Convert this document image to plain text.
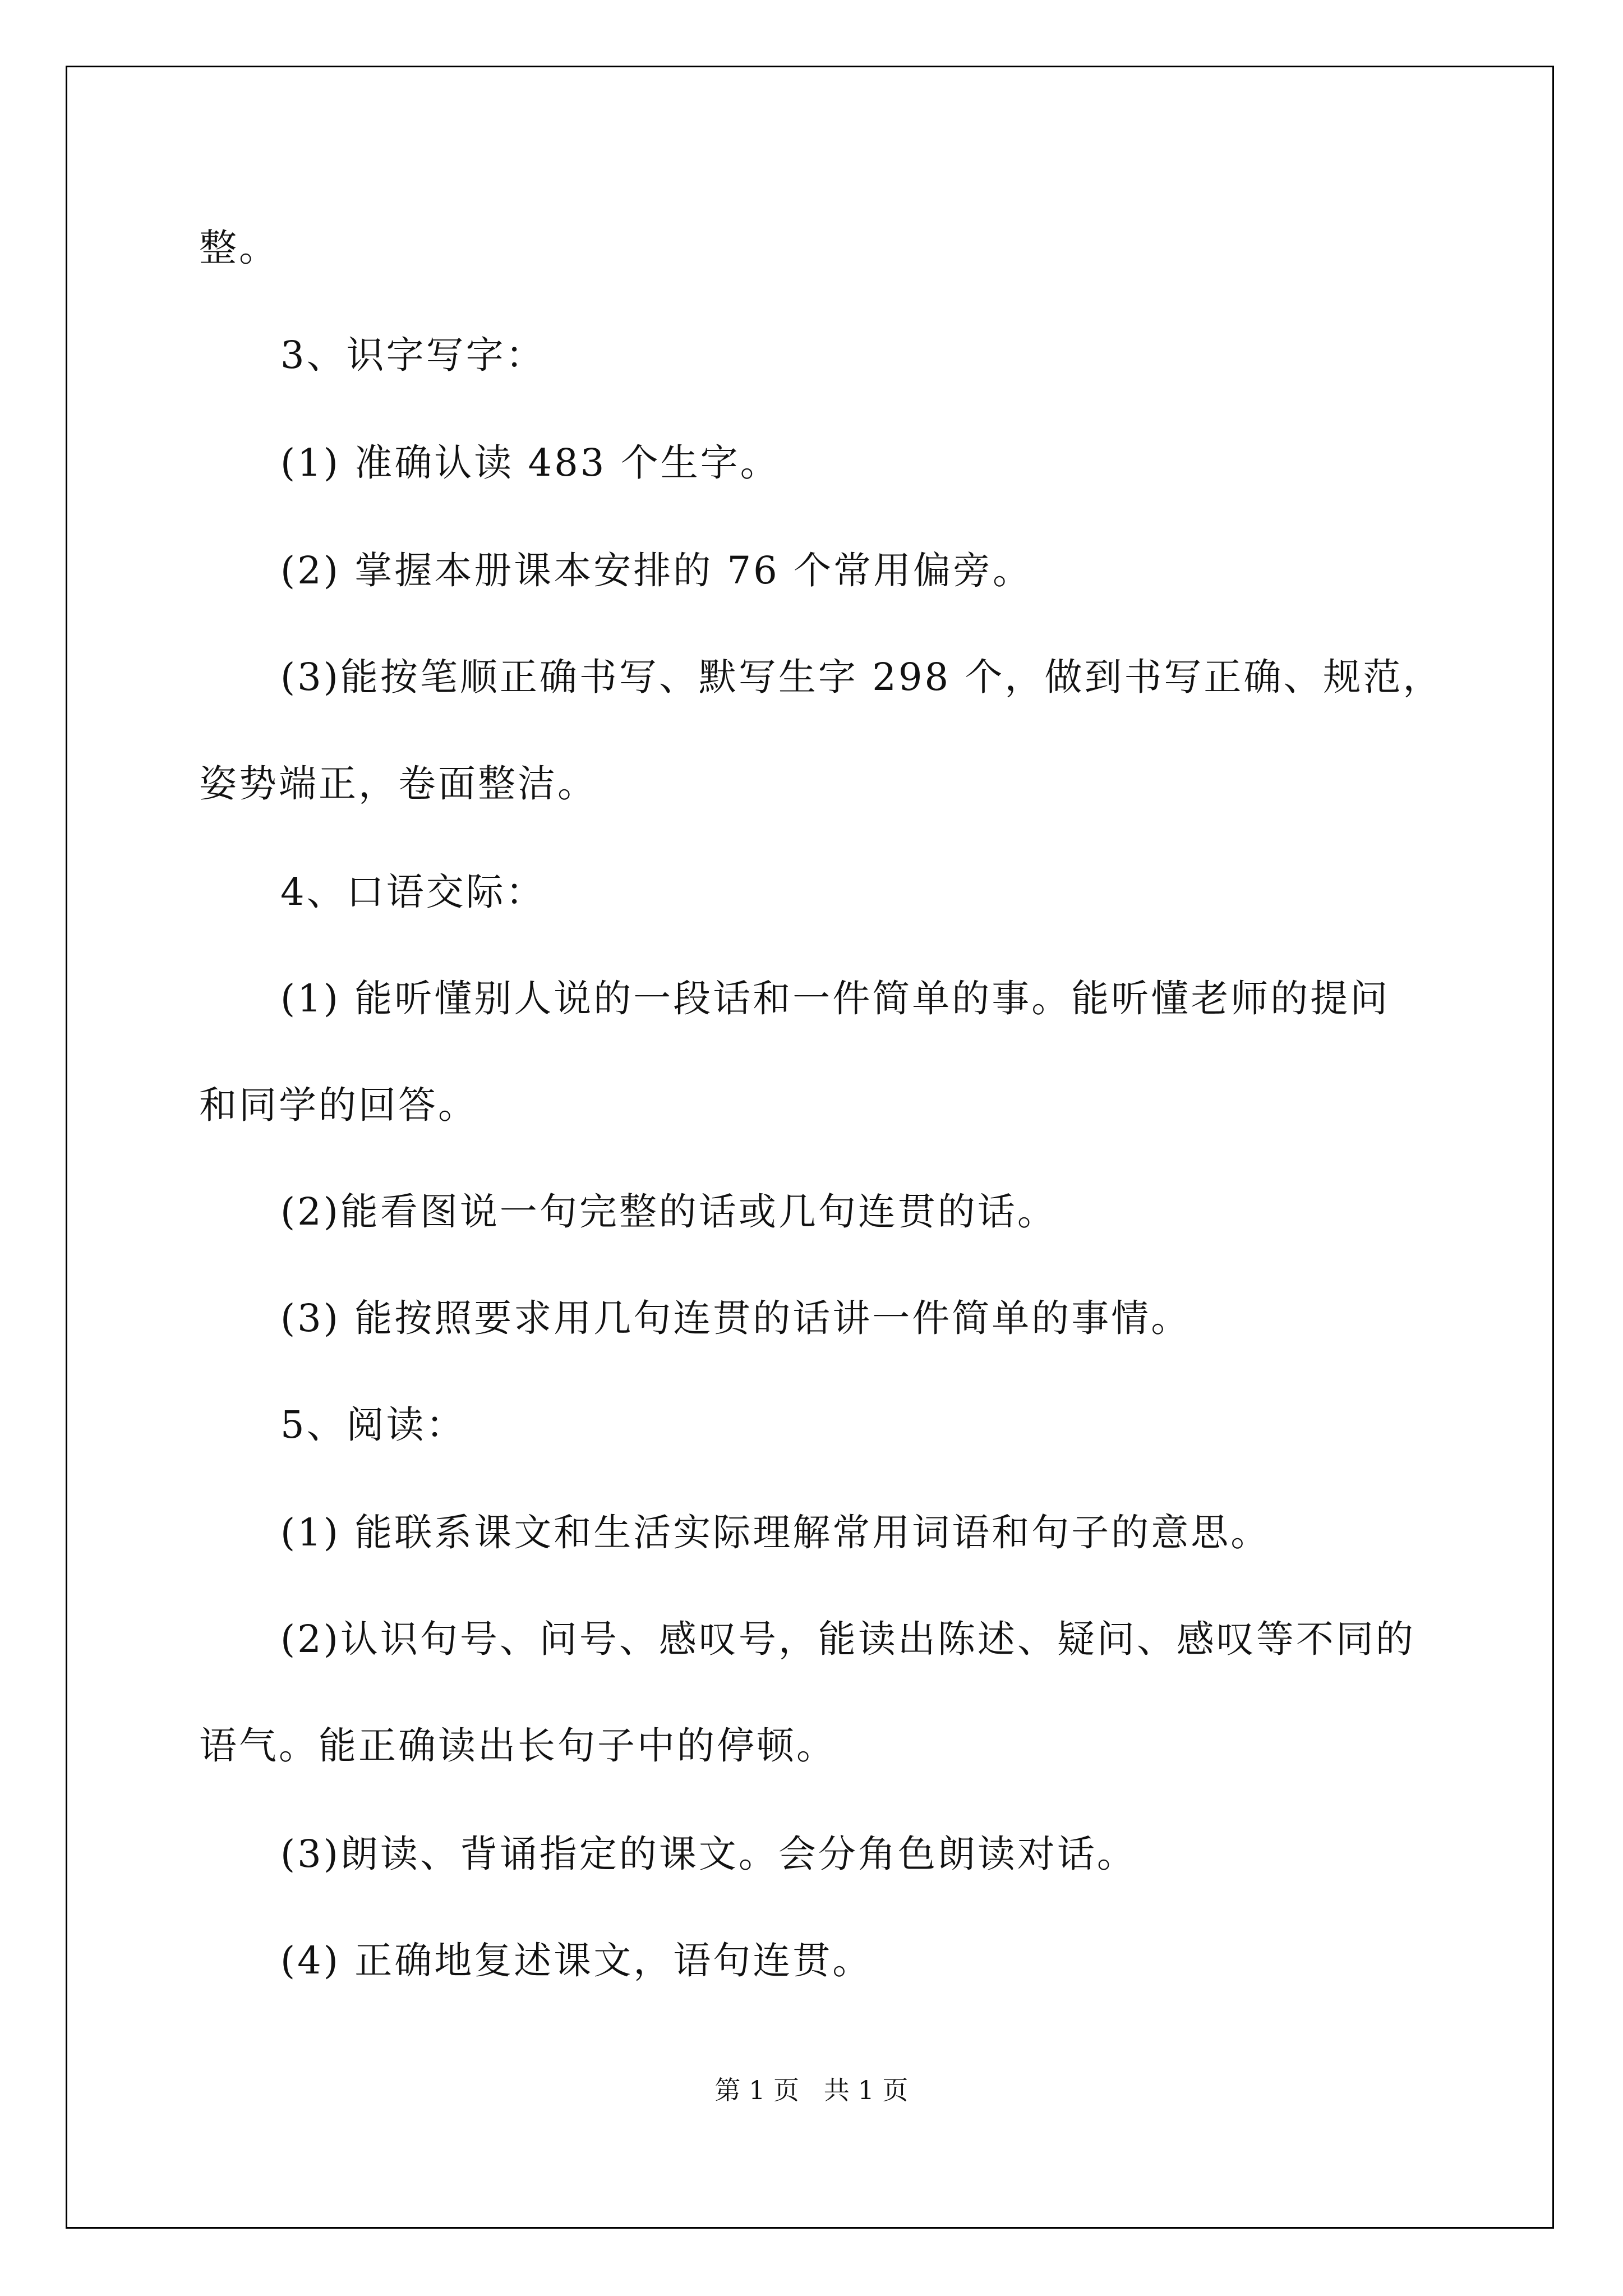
整。

3、识字写字：

(1) 准确认读 483 个生字。

(2) 掌握本册课本安排的 76 个常用偏旁。

(3)能按笔顺正确书写、默写生字 298 个，做到书写正确、规范，

姿势端正，卷面整洁。

4、口语交际：

(1) 能听懂别人说的一段话和一件简单的事。能听懂老师的提问

和同学的回答。

(2)能看图说一句完整的话或几句连贯的话。

(3) 能按照要求用几句连贯的话讲一件简单的事情。

5、阅读：

(1) 能联系课文和生活实际理解常用词语和句子的意思。

(2)认识句号、问号、感叹号，能读出陈述、疑问、感叹等不同的

语气。能正确读出长句子中的停顿。

(3)朗读、背诵指定的课文。会分角色朗读对话。

(4) 正确地复述课文，语句连贯。

第 1 页   共 1 页
